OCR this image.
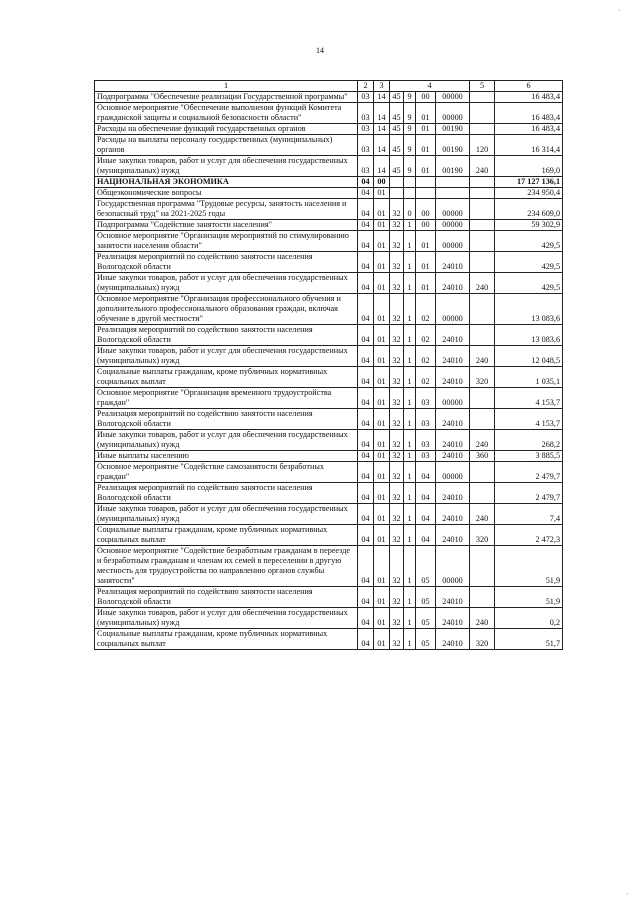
14
1	2	3	4				5	6
Подпрограмма "Обеспечение реализации Государственной программы"	03	14	45	9	00	00000		16 483,4
Основное мероприятие "Обеспечение выполнения функций Комитета гражданской защиты и социальной безопасности области"	03	14	45	9	01	00000		16 483,4
Расходы на обеспечение функций государственных органов	03	14	45	9	01	00190		16 483,4
Расходы на выплаты персоналу государственных (муниципальных) органов	03	14	45	9	01	00190	120	16 314,4
Иные закупки товаров, работ и услуг для обеспечения государственных (муниципальных) нужд	03	14	45	9	01	00190	240	169,0
НАЦИОНАЛЬНАЯ ЭКОНОМИКА	04	00						17 127 136,1
Общеэкономические вопросы	04	01						234 950,4
Государственная программа "Трудовые ресурсы, занятость населения и безопасный труд" на 2021-2025 годы	04	01	32	0	00	00000		234 609,0
Подпрограмма "Содействие занятости населения"	04	01	32	1	00	00000		59 302,9
Основное мероприятие "Организация мероприятий по стимулированию занятости населения области"	04	01	32	1	01	00000		429,5
Реализация мероприятий по содействию занятости населения Вологодской области	04	01	32	1	01	24010		429,5
Иные закупки товаров, работ и услуг для обеспечения государственных (муниципальных) нужд	04	01	32	1	01	24010	240	429,5
Основное мероприятие "Организация профессионального обучения и дополнительного профессионального образования граждан, включая обучение в другой местности"	04	01	32	1	02	00000		13 083,6
Реализация мероприятий по содействию занятости населения Вологодской области	04	01	32	1	02	24010		13 083,6
Иные закупки товаров, работ и услуг для обеспечения государственных (муниципальных) нужд	04	01	32	1	02	24010	240	12 048,5
Социальные выплаты гражданам, кроме публичных нормативных социальных выплат	04	01	32	1	02	24010	320	1 035,1
Основное мероприятие "Организация временного трудоустройства граждан"	04	01	32	1	03	00000		4 153,7
Реализация мероприятий по содействию занятости населения Вологодской области	04	01	32	1	03	24010		4 153,7
Иные закупки товаров, работ и услуг для обеспечения государственных (муниципальных) нужд	04	01	32	1	03	24010	240	268,2
Иные выплаты населению	04	01	32	1	03	24010	360	3 885,5
Основное мероприятие "Содействие самозанятости безработных граждан"	04	01	32	1	04	00000		2 479,7
Реализация мероприятий по содействию занятости населения Вологодской области	04	01	32	1	04	24010		2 479,7
Иные закупки товаров, работ и услуг для обеспечения государственных (муниципальных) нужд	04	01	32	1	04	24010	240	7,4
Социальные выплаты гражданам, кроме публичных нормативных социальных выплат	04	01	32	1	04	24010	320	2 472,3
Основное мероприятие "Содействие безработным гражданам в переезде и безработным гражданам и членам их семей в переселении в другую местность для трудоустройства по направлению органов службы занятости"	04	01	32	1	05	00000		51,9
Реализация мероприятий по содействию занятости населения Вологодской области	04	01	32	1	05	24010		51,9
Иные закупки товаров, работ и услуг для обеспечения государственных (муниципальных) нужд	04	01	32	1	05	24010	240	0,2
Социальные выплаты гражданам, кроме публичных нормативных социальных выплат	04	01	32	1	05	24010	320	51,7
·
·
